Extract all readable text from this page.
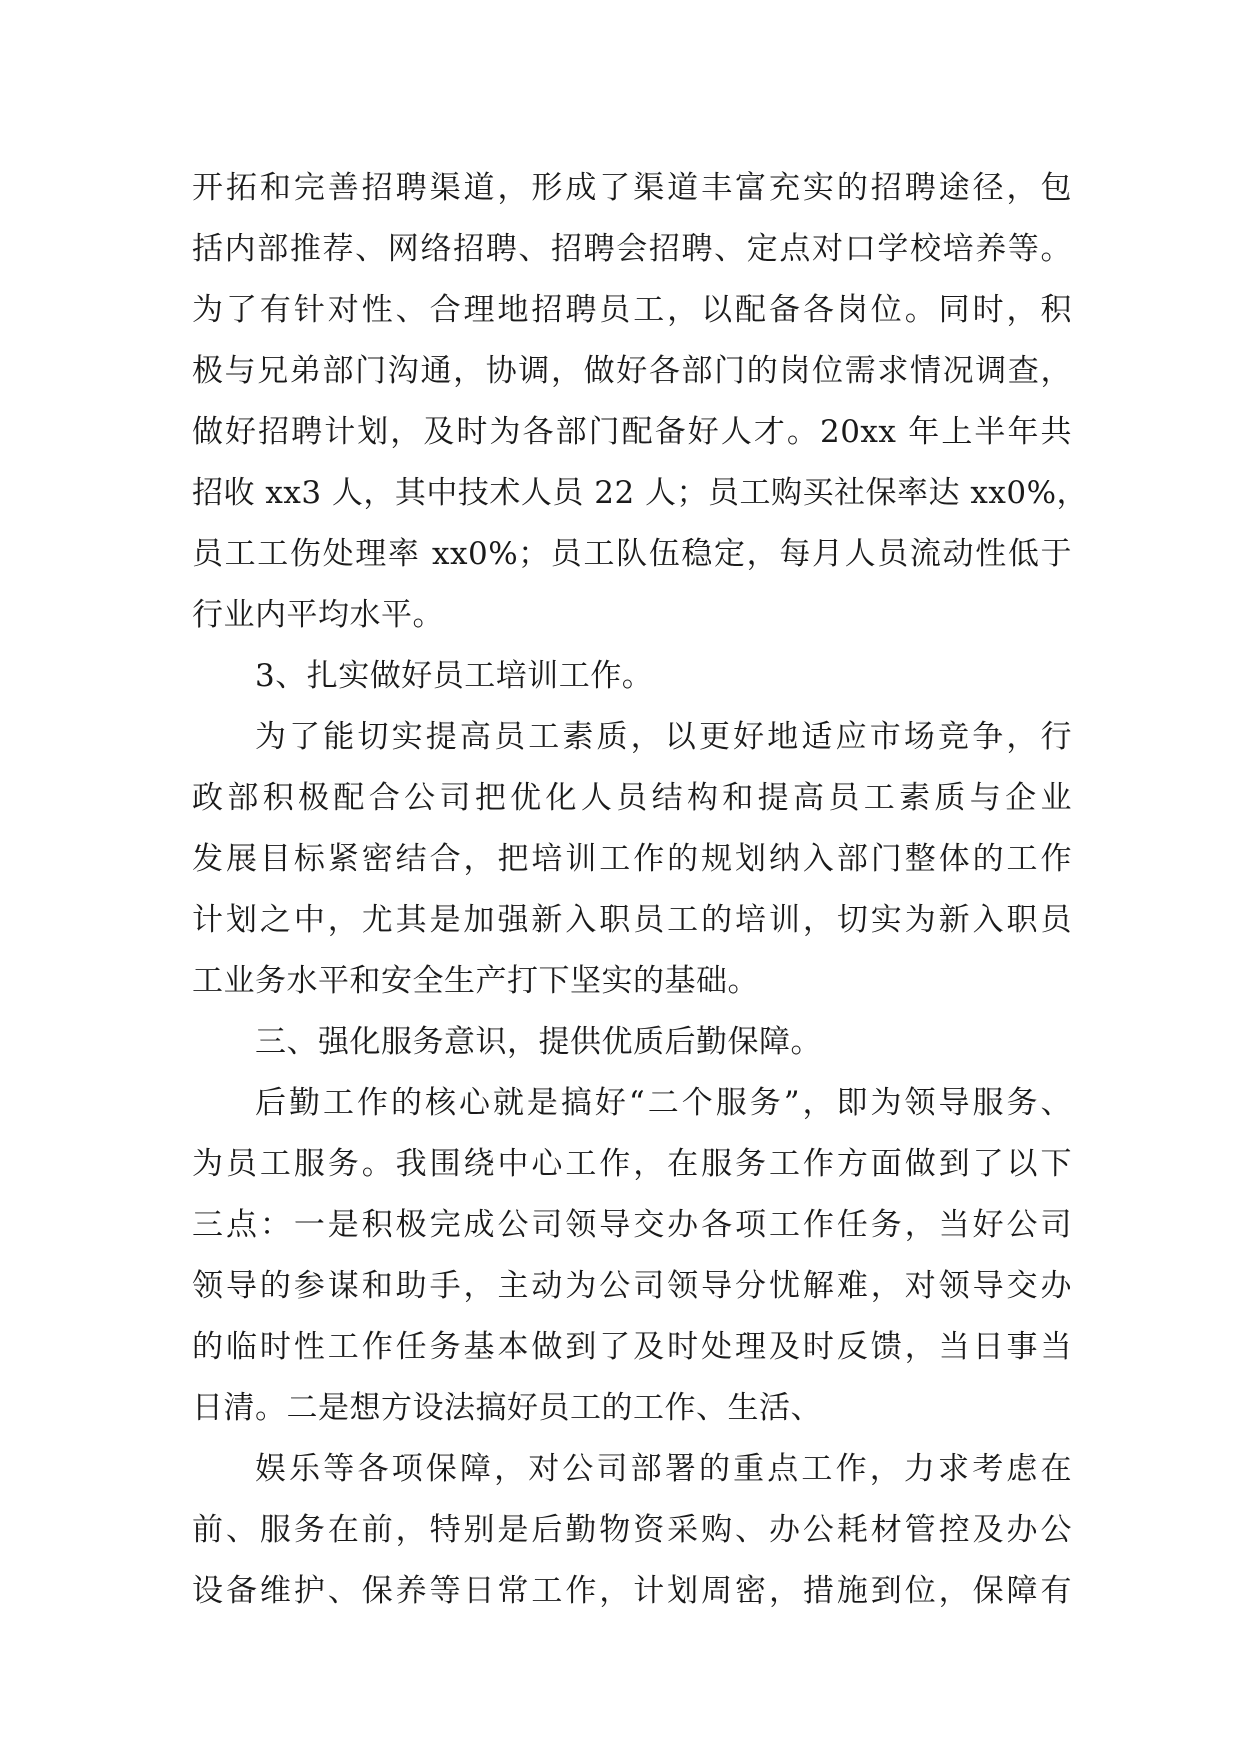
开拓和完善招聘渠道，形成了渠道丰富充实的招聘途径，包
括内部推荐、网络招聘、招聘会招聘、定点对口学校培养等。
为了有针对性、合理地招聘员工，以配备各岗位。同时，积
极与兄弟部门沟通，协调，做好各部门的岗位需求情况调查，
做好招聘计划，及时为各部门配备好人才。20xx 年上半年共
招收 xx3 人，其中技术人员 22 人；员工购买社保率达 xx0%，
员工工伤处理率 xx0%；员工队伍稳定，每月人员流动性低于
行业内平均水平。
3、扎实做好员工培训工作。
为了能切实提高员工素质，以更好地适应市场竞争，行
政部积极配合公司把优化人员结构和提高员工素质与企业
发展目标紧密结合，把培训工作的规划纳入部门整体的工作
计划之中，尤其是加强新入职员工的培训，切实为新入职员
工业务水平和安全生产打下坚实的基础。
三、强化服务意识，提供优质后勤保障。
后勤工作的核心就是搞好“二个服务”，即为领导服务、
为员工服务。我围绕中心工作，在服务工作方面做到了以下
三点：一是积极完成公司领导交办各项工作任务，当好公司
领导的参谋和助手，主动为公司领导分忧解难，对领导交办
的临时性工作任务基本做到了及时处理及时反馈，当日事当
日清。二是想方设法搞好员工的工作、生活、
娱乐等各项保障，对公司部署的重点工作，力求考虑在
前、服务在前，特别是后勤物资采购、办公耗材管控及办公
设备维护、保养等日常工作，计划周密，措施到位，保障有
